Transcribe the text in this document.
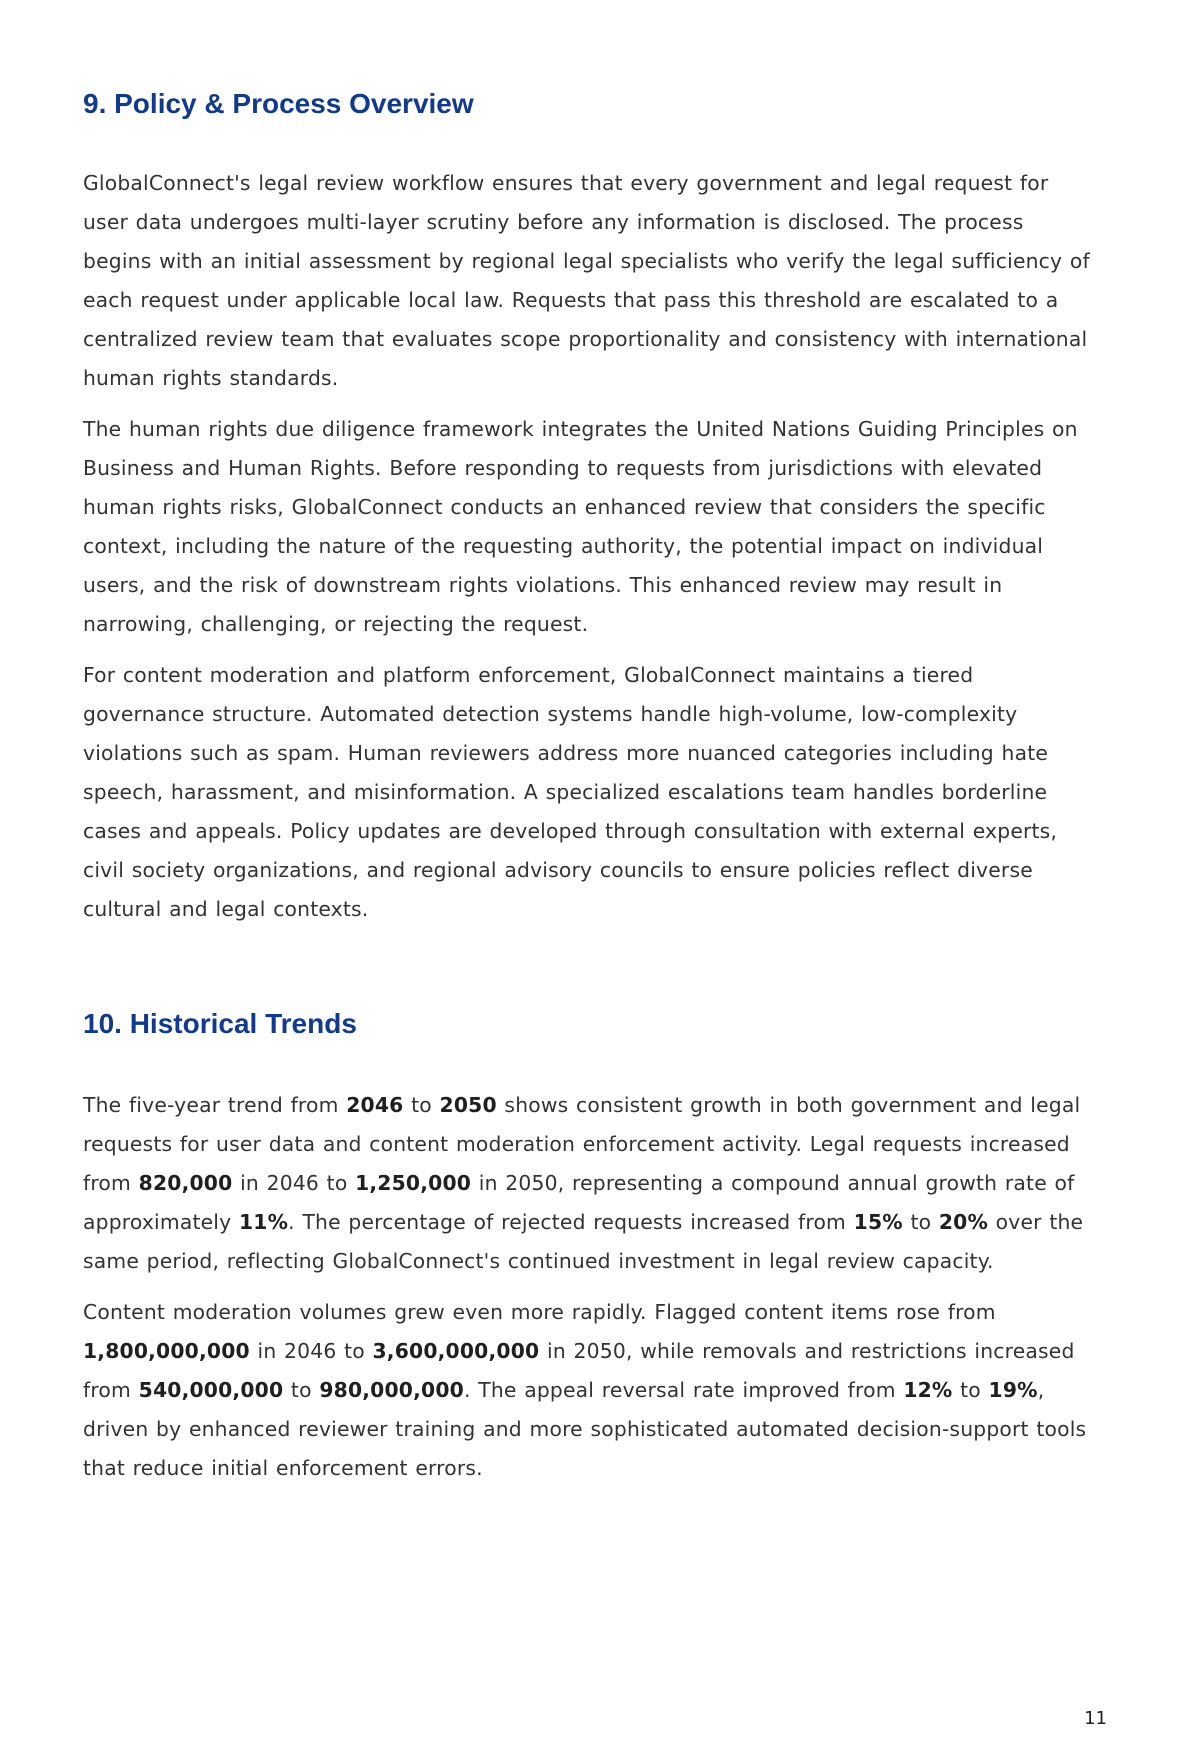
9. Policy & Process Overview

GlobalConnect's legal review workflow ensures that every government and legal request for user data undergoes multi-layer scrutiny before any information is disclosed. The process begins with an initial assessment by regional legal specialists who verify the legal sufficiency of each request under applicable local law. Requests that pass this threshold are escalated to a centralized review team that evaluates scope proportionality and consistency with international human rights standards.

The human rights due diligence framework integrates the United Nations Guiding Principles on Business and Human Rights. Before responding to requests from jurisdictions with elevated human rights risks, GlobalConnect conducts an enhanced review that considers the specific context, including the nature of the requesting authority, the potential impact on individual users, and the risk of downstream rights violations. This enhanced review may result in narrowing, challenging, or rejecting the request.

For content moderation and platform enforcement, GlobalConnect maintains a tiered governance structure. Automated detection systems handle high-volume, low-complexity violations such as spam. Human reviewers address more nuanced categories including hate speech, harassment, and misinformation. A specialized escalations team handles borderline cases and appeals. Policy updates are developed through consultation with external experts, civil society organizations, and regional advisory councils to ensure policies reflect diverse cultural and legal contexts.

10. Historical Trends

The five-year trend from 2046 to 2050 shows consistent growth in both government and legal requests for user data and content moderation enforcement activity. Legal requests increased from 820,000 in 2046 to 1,250,000 in 2050, representing a compound annual growth rate of approximately 11%. The percentage of rejected requests increased from 15% to 20% over the same period, reflecting GlobalConnect's continued investment in legal review capacity.

Content moderation volumes grew even more rapidly. Flagged content items rose from 1,800,000,000 in 2046 to 3,600,000,000 in 2050, while removals and restrictions increased from 540,000,000 to 980,000,000. The appeal reversal rate improved from 12% to 19%, driven by enhanced reviewer training and more sophisticated automated decision-support tools that reduce initial enforcement errors.

11
